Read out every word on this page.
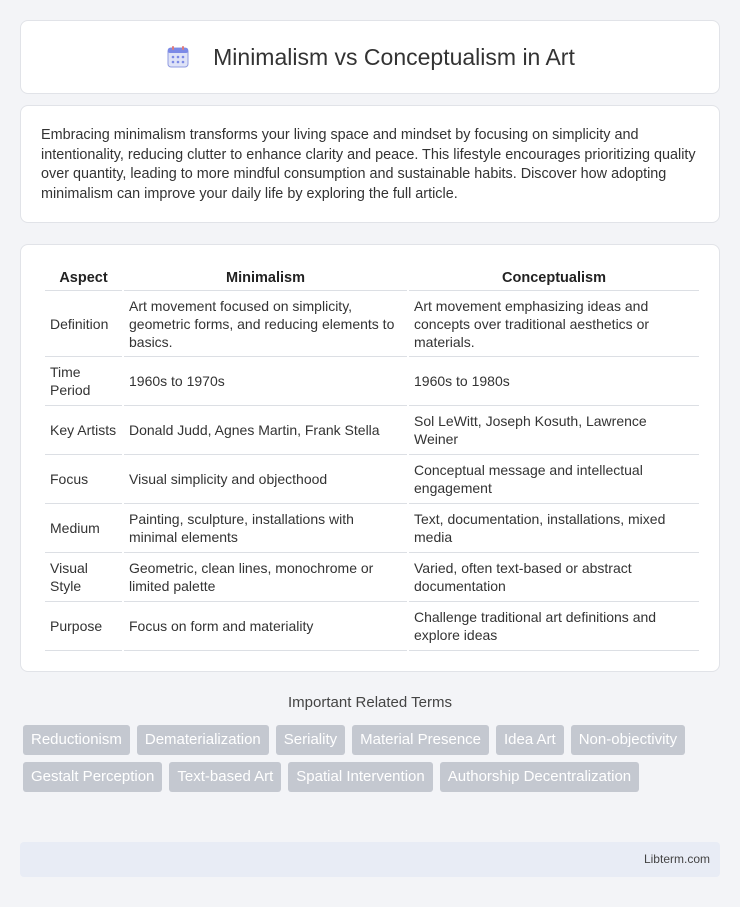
Minimalism vs Conceptualism in Art

Embracing minimalism transforms your living space and mindset by focusing on simplicity and intentionality, reducing clutter to enhance clarity and peace. This lifestyle encourages prioritizing quality over quantity, leading to more mindful consumption and sustainable habits. Discover how adopting minimalism can improve your daily life by exploring the full article.

Aspect	Minimalism	Conceptualism
Definition	Art movement focused on simplicity, geometric forms, and reducing elements to basics.	Art movement emphasizing ideas and concepts over traditional aesthetics or materials.
Time Period	1960s to 1970s	1960s to 1980s
Key Artists	Donald Judd, Agnes Martin, Frank Stella	Sol LeWitt, Joseph Kosuth, Lawrence Weiner
Focus	Visual simplicity and objecthood	Conceptual message and intellectual engagement
Medium	Painting, sculpture, installations with minimal elements	Text, documentation, installations, mixed media
Visual Style	Geometric, clean lines, monochrome or limited palette	Varied, often text-based or abstract documentation
Purpose	Focus on form and materiality	Challenge traditional art definitions and explore ideas
Important Related Terms
Reductionism	Dematerialization	Seriality	Material Presence	Idea Art	Non-objectivity
Gestalt Perception	Text-based Art	Spatial Intervention	Authorship Decentralization
Libterm.com
